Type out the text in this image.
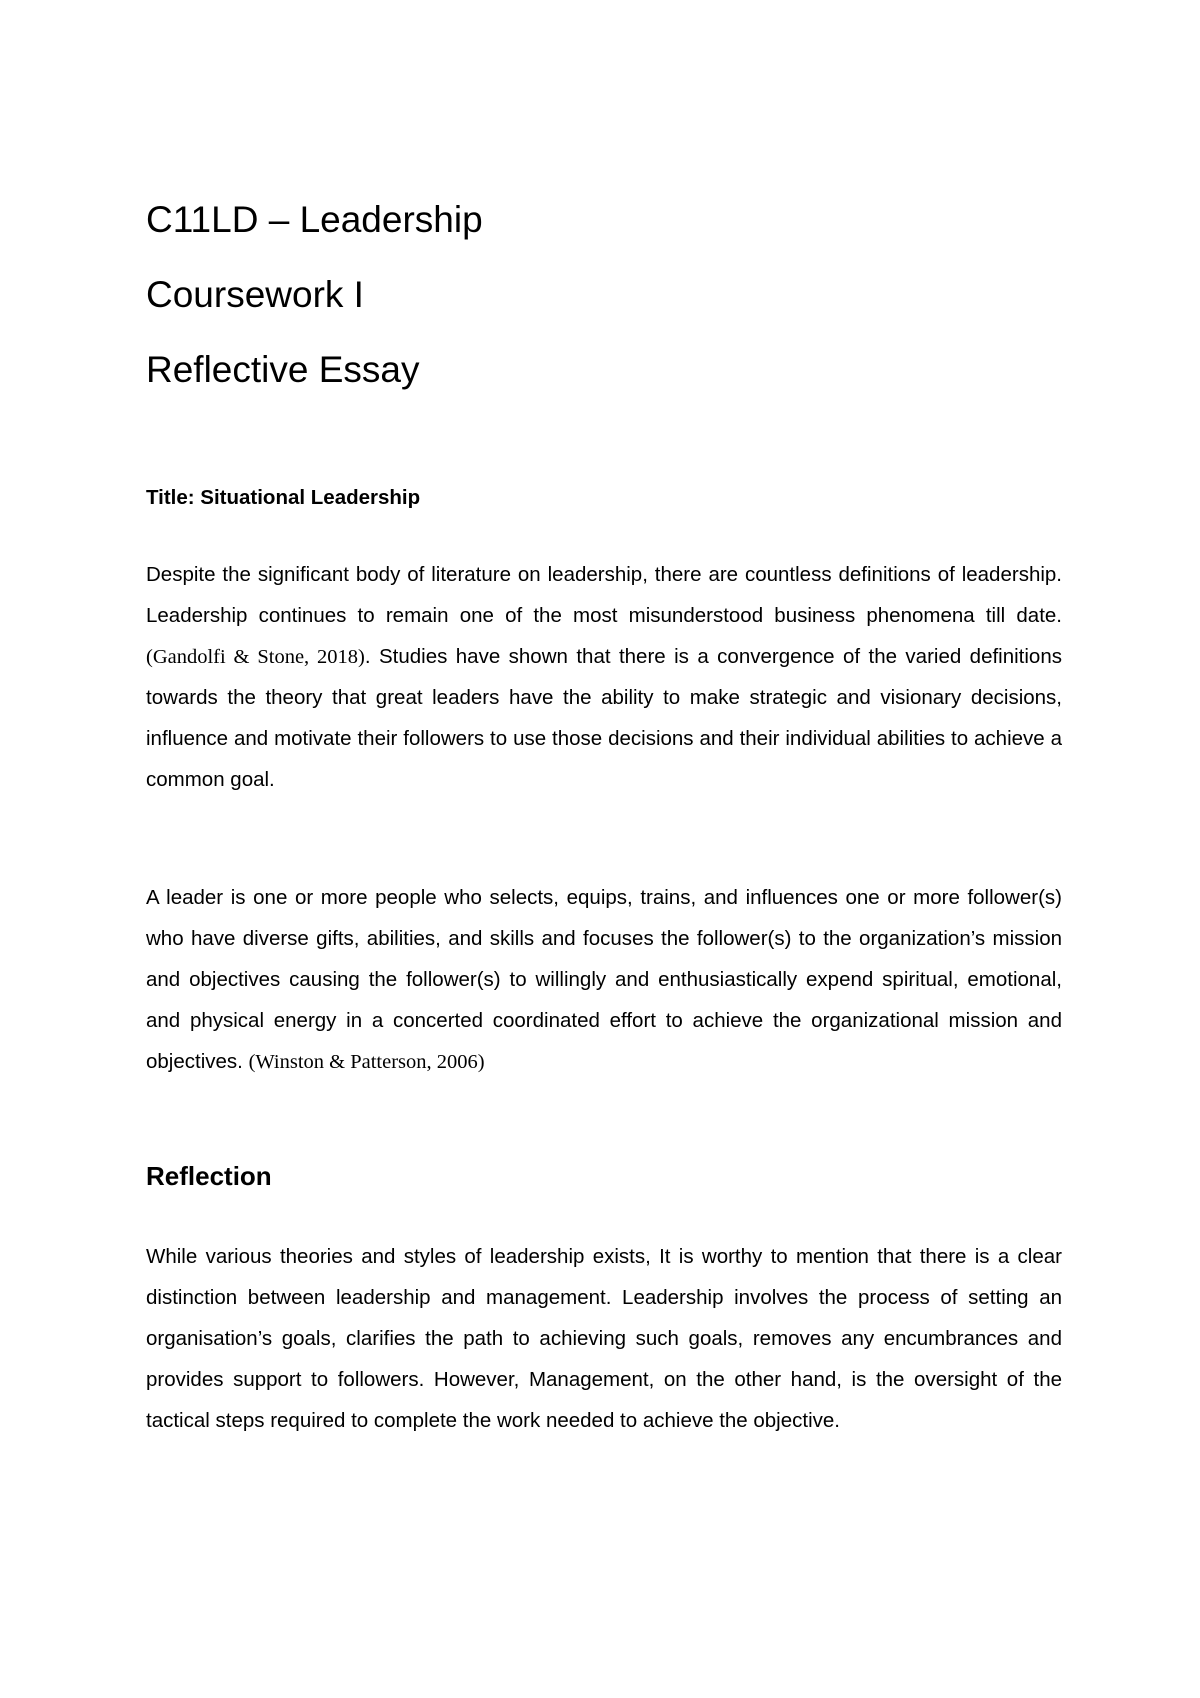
C11LD – Leadership
Coursework I
Reflective Essay
Title: Situational Leadership

Despite the significant body of literature on leadership, there are countless definitions of leadership. Leadership continues to remain one of the most misunderstood business phenomena till date. (Gandolfi & Stone, 2018). Studies have shown that there is a convergence of the varied definitions towards the theory that great leaders have the ability to make strategic and visionary decisions, influence and motivate their followers to use those decisions and their individual abilities to achieve a common goal.

A leader is one or more people who selects, equips, trains, and influences one or more follower(s) who have diverse gifts, abilities, and skills and focuses the follower(s) to the organization’s mission and objectives causing the follower(s) to willingly and enthusiastically expend spiritual, emotional, and physical energy in a concerted coordinated effort to achieve the organizational mission and objectives. (Winston & Patterson, 2006)

Reflection

While various theories and styles of leadership exists, It is worthy to mention that there is a clear distinction between leadership and management. Leadership involves the process of setting an organisation’s goals, clarifies the path to achieving such goals, removes any encumbrances and provides support to followers. However, Management, on the other hand, is the oversight of the tactical steps required to complete the work needed to achieve the objective.
